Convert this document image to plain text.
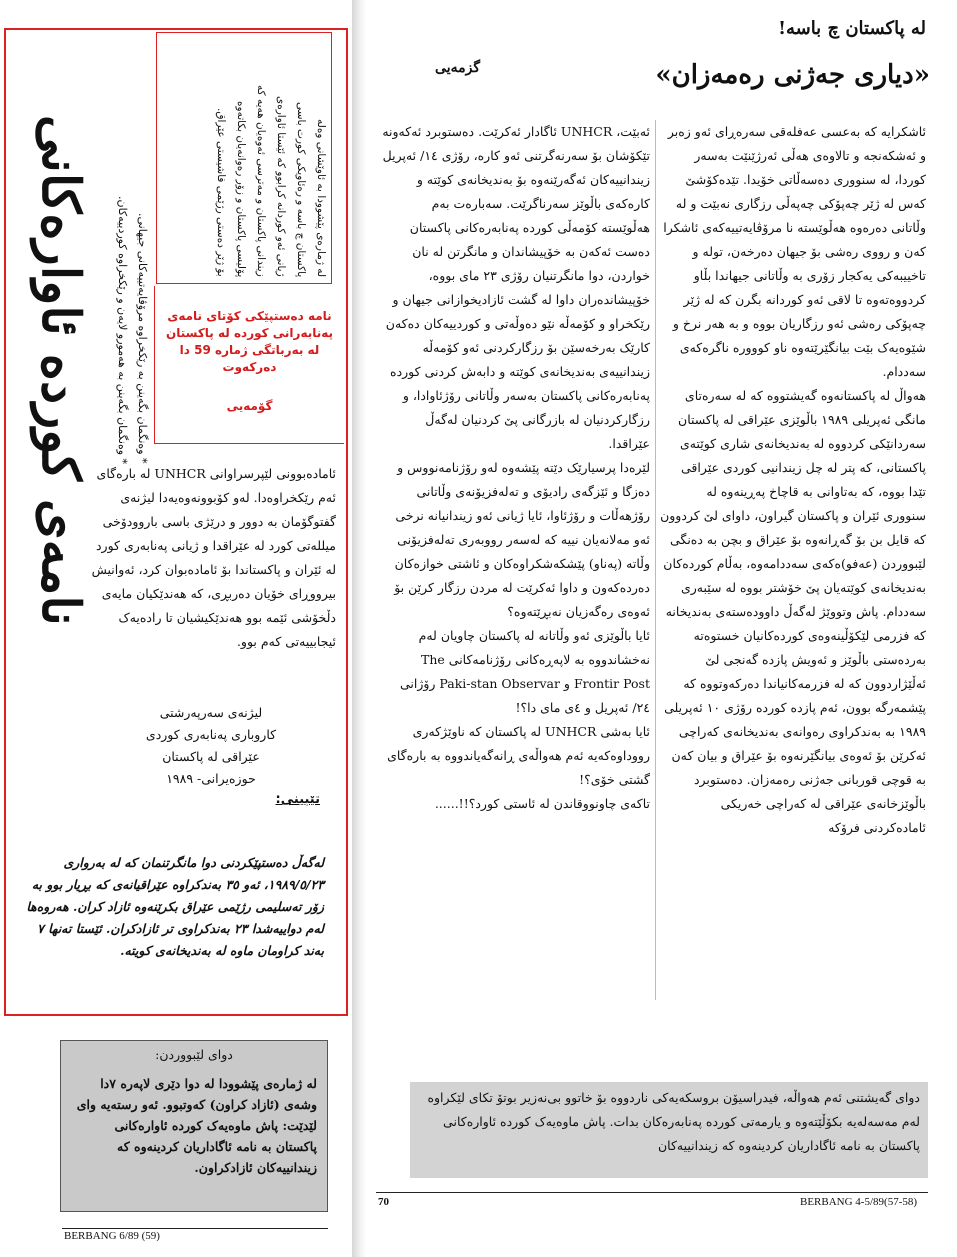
نامەی کوردە ئاوارەکانی	* وەنگمان بگەینن بە رێکخراوە مرۆڤایەتییەکانی جیهانی.
* وەنگمان بگەینن بە هەمورو لایەن و رێکخراوە کوردییەکان.	لە ژمارەی پێشوودا بە ئاوێشانی وەلە
پاکستان چ باسە و رەئاویکی کورت باسی
ژیانی ئەو کوردانە کرابوو کە ئێستا ئاوارەی
زیندانی پاکستان و مەترسی ئەوەیان هەیە کە
پۆلیسی پاکستان و زۆر رەوانەیان بکاتەوە
بۆ ژێر دەستی رژێمی فاشیستی عێراق.
نامە دەستپێکی کۆتای نامەی پەنابەرانی کوردە لە پاکستان لە بەرباتگی ژمارە 59 دا دەرکەوت
گۆمەیی

ئامادەبوونی لێپرسراوانی UNHCR لە بارەگای ئەم رێکخراوەدا. لەو کۆبوونەوەیەدا لیژنەی گفتوگۆمان بە دوور و درێژی باسی باروودۆخی میللەتی کورد لە عێراقدا و ژیانی پەنابەری کورد لە ئێران و پاکستاندا بۆ ئامادەبوان کرد، ئەوانیش بیرووڕای خۆیان دەربڕی، کە هەندێکیان مایەی دڵخۆشی ئێمە بوو هەندێکیشیان تا رادەیەک ئیجابییەتی کەم بوو.

لیژنەی سەرپەرشتی
کاروباری پەنابەری کوردی
عێراقی لە پاکستان
حوزەیرانی- ١٩٨٩
تێبینی:
لەگەڵ دەستپێکردنی دوا مانگرتنمان کە لە بەرواری ١٩٨٩/٥/٢٣، ئەو ٣٥ بەندکراوە عێراقیانەی کە بڕیار بوو بە زۆر تەسلیمی رژێمی عێراق بکرێنەوە ئازاد کران. هەروەها لەم دواییەشدا ٢٣ بەندکراوی تر ئازادکران. ئێستا تەنها ٧ بەند کراومان ماوە لە بەندیخانەی کویتە.
دوای لێبووردن:
لە ژمارەی پێشوودا لە دوا دێری لاپەرە ٧دا وشەی (ئازاد کراون) کەوتبوو. ئەو رستەیە وای لێدێت: پاش ماوەیەک کوردە ئاوارەکانی پاکستان بە نامە ئاگاداریان کردینەوە کە زیندانییەکان ئازادکراون.
BERBANG 6/89 (59)
لە پاکستان چ باسە!
«دیاری جەژنی رەمەزان»
گزمەیی

ئاشکرایە کە بەعسی عەفلەقی سەرەڕای ئەو زەبر و ئەشکەنجە و تالاوەی هەڵی ئەرژێنێت بەسەر کوردا، لە سنووری دەسەڵاتی خۆیدا. تێدەکۆشێ کەس لە ژێر چەپۆکی چەپەڵی رزگاری نەبێت و لە وڵاتانی دەرەوە هەڵوێستە نا مرۆڤایەتییەکەی ئاشکرا کەن و رووی رەشی بۆ جیهان دەرخەن، تولە و تاخییبەکی یەکجار زۆری بە وڵاتانی جیهاندا بڵاو کردووەتەوە تا لاقی ئەو کوردانە بگرن کە لە ژێر چەپۆکی رەشی ئەو رزگاریان بووە و بە هەر نرخ و شێوەیەک بێت بیانگێرێتەوە ناو کووورە ناگرەکەی سەددام.

هەواڵ لە پاکستانەوە گەیشتووە کە لە سەرەتای مانگی ئەپریلی ١٩٨٩ باڵوێزی عێراقی لە پاکستان سەردانێکی کردووە لە بەندیخانەی شاری کوێتەی پاکستانی، کە پتر لە چل زیندانیی کوردی عێراقی تێدا بووە، کە بەتاوانی بە قاچاخ پەڕینەوە لە سنووری ئێران و پاکستان گیراون، داوای لێ کردوون کە قایل بن بۆ گەڕانەوە بۆ عێراق و بچن بە دەنگی لێبووردن (عەفو)ەکەی سەددامەوە، بەڵام کوردەکان بەندیخانەی کوێتەیان پێ خۆشتر بووە لە سێبەری سەددام. پاش وتووێژ لەگەڵ داوودەستەی بەندیخانە کە فزرمی لێکۆڵینەوەی کوردەکانیان خستوەتە بەردەستی باڵوێز و ئەویش پازدە گەنجی لێ ئەڵێژاردوون کە لە فزرمەکانیاندا دەرکەوتووە کە پێشمەرگە بوون، ئەم پازدە کوردە رۆژی ١٠ ئەپریلی ١٩٨٩ بە بەندکراوی رەوانەی بەندیخانەی کەراچی ئەکرێن بۆ ئەوەی بیانگێرنەوە بۆ عێراق و بیان کەن بە قوچی قوربانی جەژنی رەمەزان. دەستوبرد باڵوێزخانەی عێراقی لە کەراچی خەریکی ئامادەکردنی فرۆکە

ئەبێت، UNHCR ئاگادار ئەکرێت. دەستوبرد ئەکەونە تێکۆشان بۆ سەرنەگرتنی ئەو کارە، رۆژی ١٤/ ئەپریل زیندانییەکان ئەگەرێنەوە بۆ بەندیخانەی کوێتە و کارەکەی باڵوێز سەرناگرێت. سەبارەت بەم هەڵوێستە کۆمەڵی کوردە پەنابەرەکانی پاکستان دەست ئەکەن بە خۆپیشاندان و مانگرتن لە نان خواردن، دوا مانگرتنیان رۆژی ٢٣ مای بووە، خۆپیشاندەران داوا لە گشت ئازادیخوازانی جیهان و رێکخراو و کۆمەڵە نێو دەوڵەتی و کوردییەکان دەکەن کارێک بەرخەسێن بۆ رزگارکردنی ئەو کۆمەڵە زیندانییەی بەندیخانەی کوێتە و دابەش کردنی کوردە پەنابەرەکانی پاکستان بەسەر وڵاتانی رۆژئاوادا، و رزگارکردنیان لە بازرگانی پێ کردنیان لەگەڵ عێراقدا.

لێرەدا پرسیارێک دێتە پێشەوە لەو رۆژنامەنووس و دەزگا و ئێزگەی رادیۆی و تەلەفزیۆنەی وڵاتانی رۆژهەڵات و رۆژئاوا، ئایا ژیانی ئەو زیندانیانە نرخی ئەو مەلانەیان نییە کە لەسەر رووبەری تەلەفزیۆنی وڵاتە (پەناو) پێشکەشکراوەکان و ئاشتی خوازەکان دەردەکەون و داوا ئەکرێت لە مردن رزگار کرێن بۆ ئەوەی رەگەزیان نەبڕێتەوە؟

ئایا باڵوێزی ئەو وڵاتانە لە پاکستان چاویان لەم نەخشاندووە بە لاپەڕەکانی رۆژنامەکانی The Frontir Post و Paki-stan Observar رۆژانی ٢٤/ ئەپریل و ٤ی مای دا؟!

ئایا بەشی UNHCR لە پاکستان کە ناوێژکەری رووداوەکەیە ئەم هەواڵەی ڕانەگەیاندووە بە بارەگای گشتی خۆی؟!

تاکەی چاونووقاندن لە ئاستی کورد؟!!......

دوای گەیشتنی ئەم هەواڵە، فیدراسیۆن بروسکەیەکی ناردووە بۆ خاتوو بی‌نەزیر بوتۆ تکای لێکراوە لەم مەسەلەیە بکۆڵێتەوە و یارمەتی کوردە پەنابەرەکان بدات. پاش ماوەیەک کوردە ئاوارەکانی پاکستان بە نامە ئاگاداریان کردینەوە کە زیندانییەکان
70	BERBANG 4-5/89(57-58)
